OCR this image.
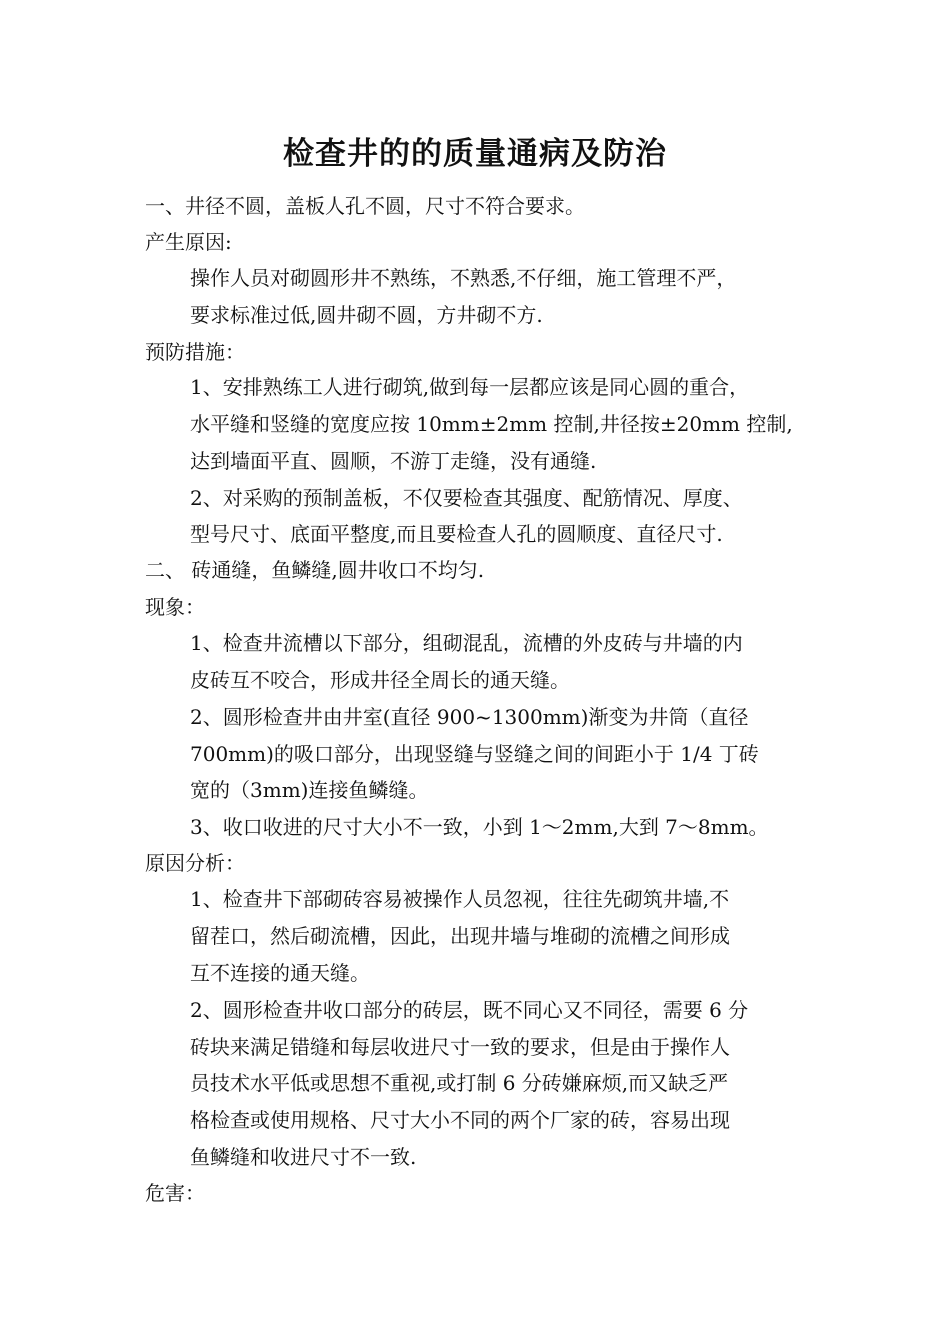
检查井的的质量通病及防治

一、井径不圆，盖板人孔不圆，尺寸不符合要求。

产生原因:

操作人员对砌圆形井不熟练，不熟悉,不仔细，施工管理不严，

要求标准过低,圆井砌不圆，方井砌不方.

预防措施：

1、安排熟练工人进行砌筑,做到每一层都应该是同心圆的重合，

水平缝和竖缝的宽度应按 10mm±2mm 控制,井径按±20mm 控制,

达到墙面平直、圆顺，不游丁走缝，没有通缝.

2、对采购的预制盖板，不仅要检查其强度、配筋情况、厚度、

型号尺寸、底面平整度,而且要检查人孔的圆顺度、直径尺寸.

二、 砖通缝，鱼鳞缝,圆井收口不均匀.

现象：

1、检查井流槽以下部分，组砌混乱，流槽的外皮砖与井墙的内

皮砖互不咬合，形成井径全周长的通天缝。

2、圆形检查井由井室(直径 900~1300mm)渐变为井筒（直径

700mm)的吸口部分，出现竖缝与竖缝之间的间距小于 1/4 丁砖

宽的（3mm)连接鱼鳞缝。

3、收口收进的尺寸大小不一致，小到 1～2mm,大到 7～8mm。

原因分析：

1、检查井下部砌砖容易被操作人员忽视，往往先砌筑井墙,不

留茬口，然后砌流槽，因此，出现井墙与堆砌的流槽之间形成

互不连接的通天缝。

2、圆形检查井收口部分的砖层，既不同心又不同径，需要 6 分

砖块来满足错缝和每层收进尺寸一致的要求，但是由于操作人

员技术水平低或思想不重视,或打制 6 分砖嫌麻烦,而又缺乏严

格检查或使用规格、尺寸大小不同的两个厂家的砖，容易出现

鱼鳞缝和收进尺寸不一致.

危害：
